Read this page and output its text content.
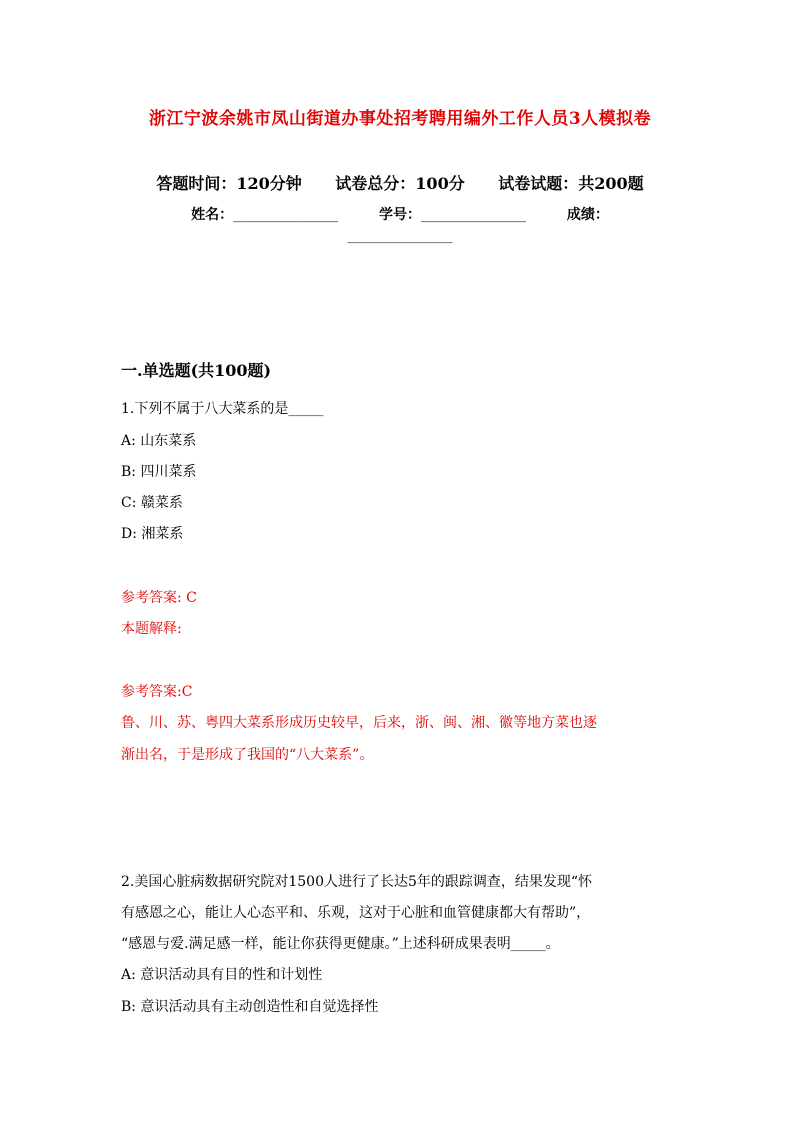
浙江宁波余姚市凤山街道办事处招考聘用编外工作人员3人模拟卷
答题时间：120分钟 试卷总分：100分 试卷试题：共200题
姓名：_______________	学号：_______________	成绩：
_______________
一.单选题(共100题)
1.下列不属于八大菜系的是_____
A: 山东菜系
B: 四川菜系
C: 赣菜系
D: 湘菜系
参考答案: C
本题解释:
参考答案:C
鲁、川、苏、粤四大菜系形成历史较早，后来，浙、闽、湘、徽等地方菜也逐
渐出名，于是形成了我国的“八大菜系”。
2.美国心脏病数据研究院对1500人进行了长达5年的跟踪调查，结果发现“怀
有感恩之心，能让人心态平和、乐观，这对于心脏和血管健康都大有帮助”，
“感恩与爱.满足感一样，能让你获得更健康。”上述科研成果表明_____。
A: 意识活动具有目的性和计划性
B: 意识活动具有主动创造性和自觉选择性
